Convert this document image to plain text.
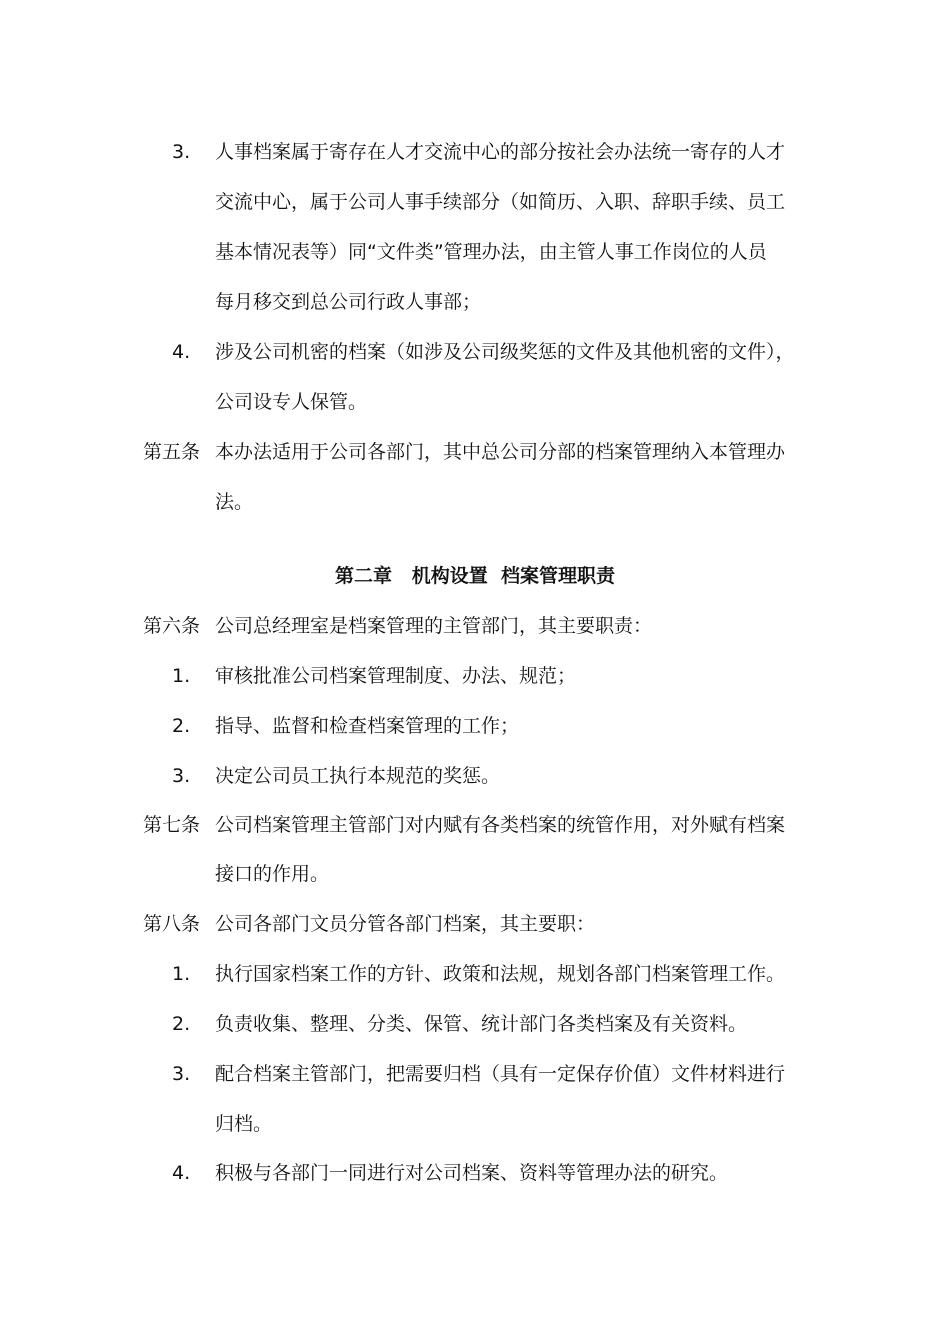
3. 人事档案属于寄存在人才交流中心的部分按社会办法统一寄存的人才
交流中心，属于公司人事手续部分（如简历、入职、辞职手续、员工
基本情况表等）同“文件类”管理办法，由主管人事工作岗位的人员
每月移交到总公司行政人事部；
4. 涉及公司机密的档案（如涉及公司级奖惩的文件及其他机密的文件），
公司设专人保管。
第五条 本办法适用于公司各部门，其中总公司分部的档案管理纳入本管理办
法。
第二章   机构设置  档案管理职责
第六条 公司总经理室是档案管理的主管部门，其主要职责：
1. 审核批准公司档案管理制度、办法、规范；
2. 指导、监督和检查档案管理的工作；
3. 决定公司员工执行本规范的奖惩。
第七条 公司档案管理主管部门对内赋有各类档案的统管作用，对外赋有档案
接口的作用。
第八条 公司各部门文员分管各部门档案，其主要职：
1. 执行国家档案工作的方针、政策和法规，规划各部门档案管理工作。
2. 负责收集、整理、分类、保管、统计部门各类档案及有关资料。
3. 配合档案主管部门，把需要归档（具有一定保存价值）文件材料进行
归档。
4. 积极与各部门一同进行对公司档案、资料等管理办法的研究。
